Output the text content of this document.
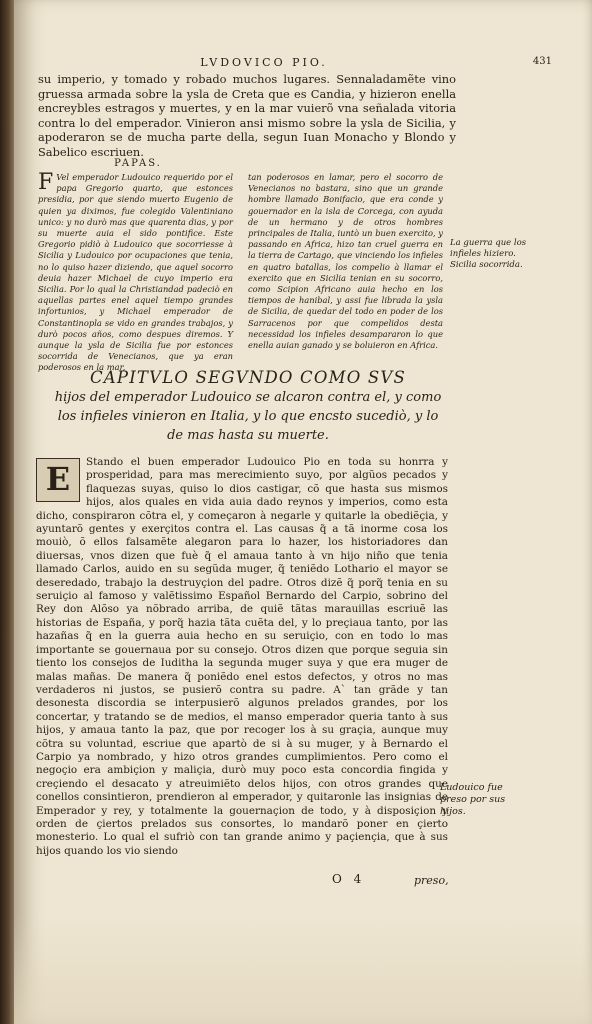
LVDOVICO PIO.	431
su imperio, y tomado y robado muchos lugares. Sennaladamẽte vino gruessa armada sobre la ysla de Creta que es Candia, y hizieron enella encreybles estragos y muertes, y en la mar vuierõ vna señalada vitoria contra lo del emperador. Vinieron ansi mismo sobre la ysla de Sicilia, y apoderaron se de mucha parte della, segun Iuan Monacho y Blondo y Sabelico escriuen.
PAPAS.
F Vel emperador Ludouico requerido por el papa Gregorio quarto, que estonces presidia, por que siendo muerto Eugenio de quien ya diximos, fue colegido Valentiniano unico: y no durò mas que quarenta dias, y por su muerte auia el sido pontifice. Este Gregorio pidiò à Ludouico que socorriesse à Sicilia y Ludouico por ocupaciones que tenia, no lo quiso hazer diziendo, que aquel socorro deuia hazer Michael de cuyo imperio era Sicilia. Por lo qual la Christiandad padeciò en aquellas partes enel aquel tiempo grandes infortunios, y Michael emperador de Constantinopla se vido en grandes trabajos, y durò pocos años, como despues diremos. Y aunque la ysla de Sicilia fue por estonces socorrida de Venecianos, que ya eran poderosos en la mar,
tan poderosos en lamar, pero el socorro de Venecianos no bastara, sino que un grande hombre llamado Bonifacio, que era conde y gouernador en la isla de Corcega, con ayuda de un hermano y de otros hombres principales de Italia, iuntò un buen exercito, y passando en Africa, hizo tan cruel guerra en la tierra de Cartago, que vinciendo los infieles en quatro batallas, los compelio à llamar el exercito que en Sicilia tenian en su socorro, como Scipion Africano auia hecho en los tiempos de hanibal, y assi fue librada la ysla de Sicilia, de quedar del todo en poder de los Sarracenos por que compelidos desta necessidad los infieles desampararon lo que enella auian ganado y se boluieron en Africa.
La guerra que los infieles hiziero. Sicilia socorrida.
CAPITVLO SEGVNDO COMO SVS
hijos del emperador Ludouico se alcaron contra el, y como los infieles vinieron en Italia, y lo que encsto sucediò, y lo de mas hasta su muerte.
E	Stando el buen emperador Ludouico Pio en toda su honrra y prosperidad, para mas merecimiento suyo, por algũos pecados y flaquezas suyas, quiso lo dios castigar, cõ que hasta sus mismos hijos, alos quales en vida auia dado reynos y imperios, como esta dicho, conspiraron cõtra el, y começaron à negarle y quitarle la obediẽçia, y ayuntarõ gentes y exerçitos contra el. Las causas q̃ a tã inorme cosa los mouiò, õ ellos falsamẽte alegaron para lo hazer, los historiadores dan diuersas, vnos dizen que fuè q̃ el amaua tanto à vn hijo niño que tenia llamado Carlos, auido en su segũda muger, q̃ teniẽdo Lothario el mayor se deseredado, trabajo la destruyçion del padre. Otros dizẽ q̃ porq̃ tenia en su seruiçio al famoso y valẽtissimo Español Bernardo del Carpio, sobrino del Rey don Alõso ya nõbrado arriba, de quiẽ tãtas marauillas escriuẽ las historias de España, y porq̃ hazia tãta cuẽta del, y lo preçiaua tanto, por las hazañas q̃ en la guerra auia hecho en su seruiçio, con en todo lo mas importante se gouernaua por su consejo. Otros dizen que porque seguia sin tiento los consejos de Iuditha la segunda muger suya y que era muger de malas mañas. De manera q̃ poniẽdo enel estos defectos, y otros no mas verdaderos ni justos, se pusierõ contra su padre. A` tan grãde y tan desonesta discordia se interpusierõ algunos prelados grandes, por los concertar, y tratando se de medios, el manso emperador queria tanto à sus hijos, y amaua tanto la paz, que por recoger los à su graçia, aunque muy cõtra su voluntad, escriue que apartò de si à su muger, y à Bernardo el Carpio ya nombrado, y hizo otros grandes cumplimientos. Pero como el negoçio era ambiçion y maliçia, durò muy poco esta concordia fingida y creçiendo el desacato y atreuimiẽto delos hijos, con otros grandes que conellos consintieron, prendieron al emperador, y quitaronle las insignias de Emperador y rey, y totalmente la gouernaçion de todo, y à disposiçion y orden de çiertos prelados sus consortes, lo mandarõ poner en çierto monesterio. Lo qual el sufriò con tan grande animo y paçiençia, que à sus hijos quando los vio siendo
Ludouico fue preso por sus hijos.
O 4	preso,
